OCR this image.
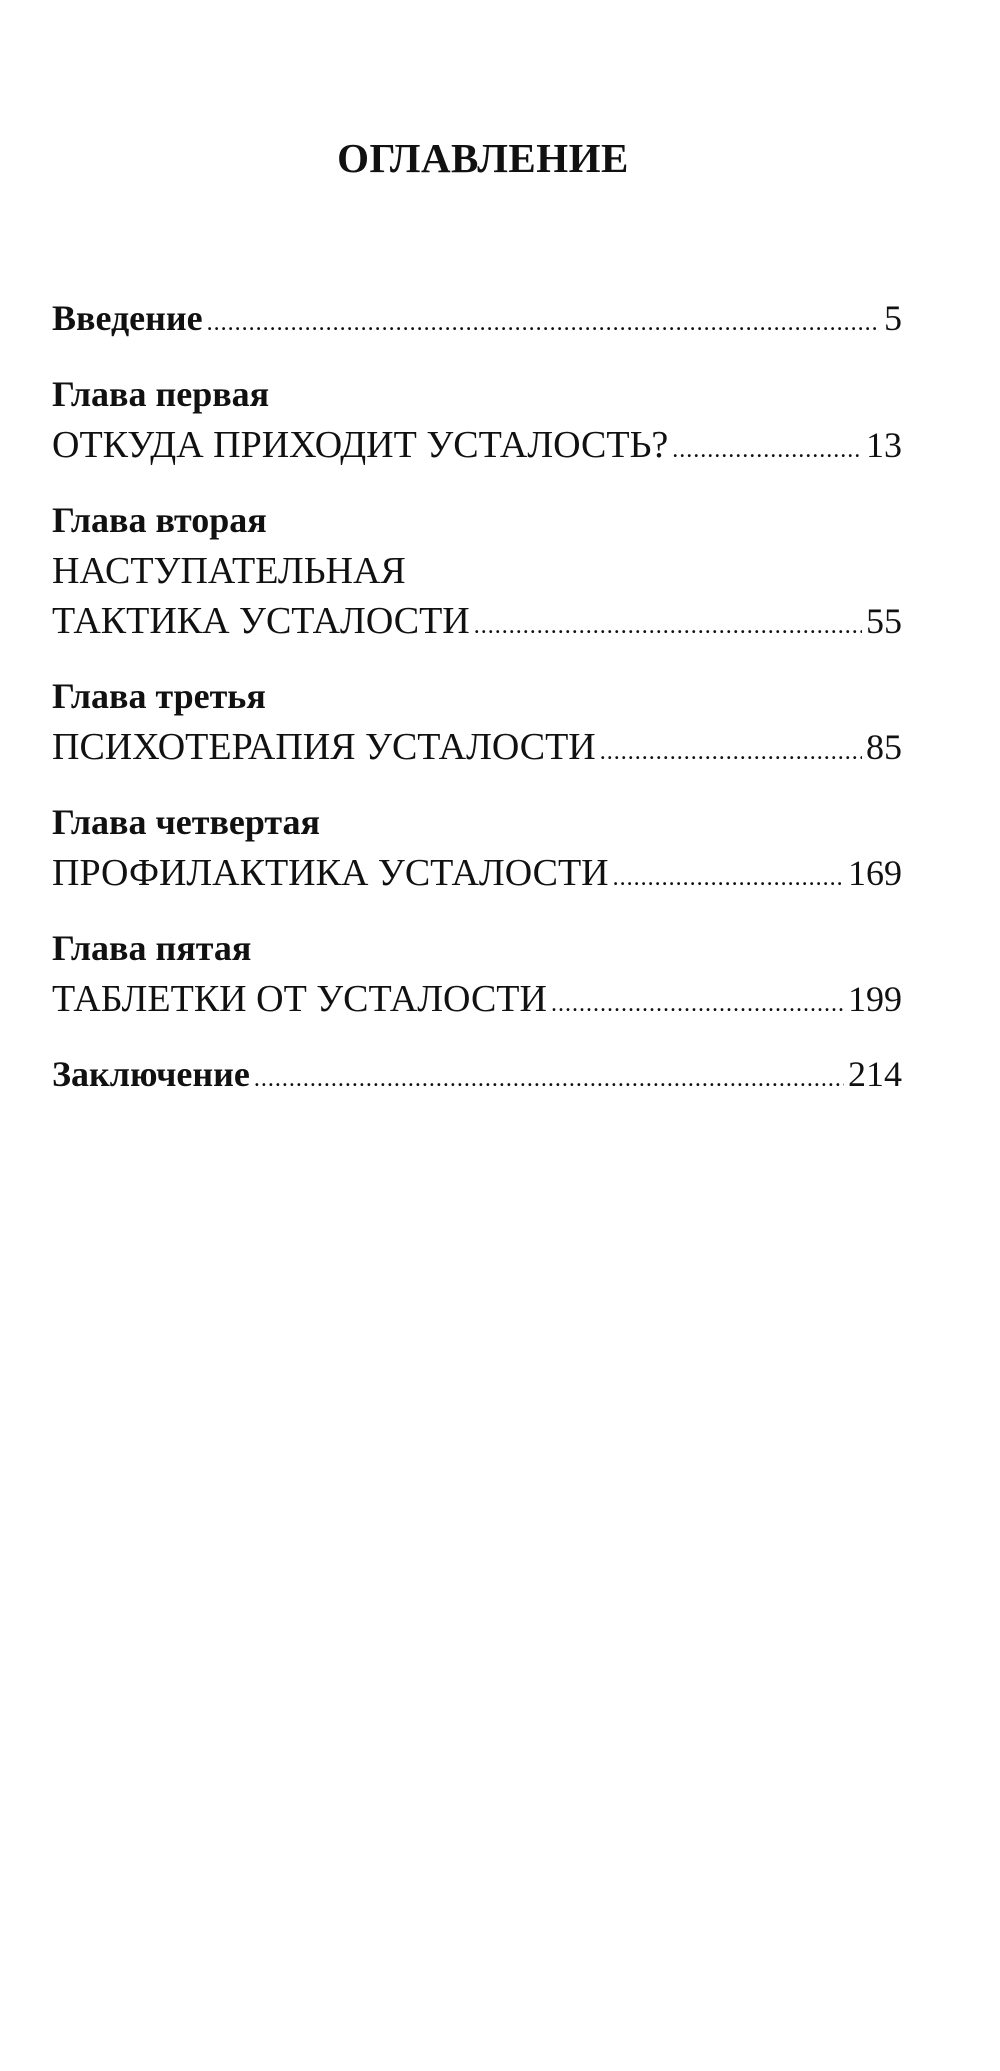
ОГЛАВЛЕНИЕ
Введение .....	5
Глава первая
ОТКУДА ПРИХОДИТ УСТАЛОСТЬ? .....	13
Глава вторая
НАСТУПАТЕЛЬНАЯ
ТАКТИКА УСТАЛОСТИ .....	55
Глава третья
ПСИХОТЕРАПИЯ УСТАЛОСТИ .....	85
Глава четвертая
ПРОФИЛАКТИКА УСТАЛОСТИ .....	169
Глава пятая
ТАБЛЕТКИ ОТ УСТАЛОСТИ .....	199
Заключение .....	214
